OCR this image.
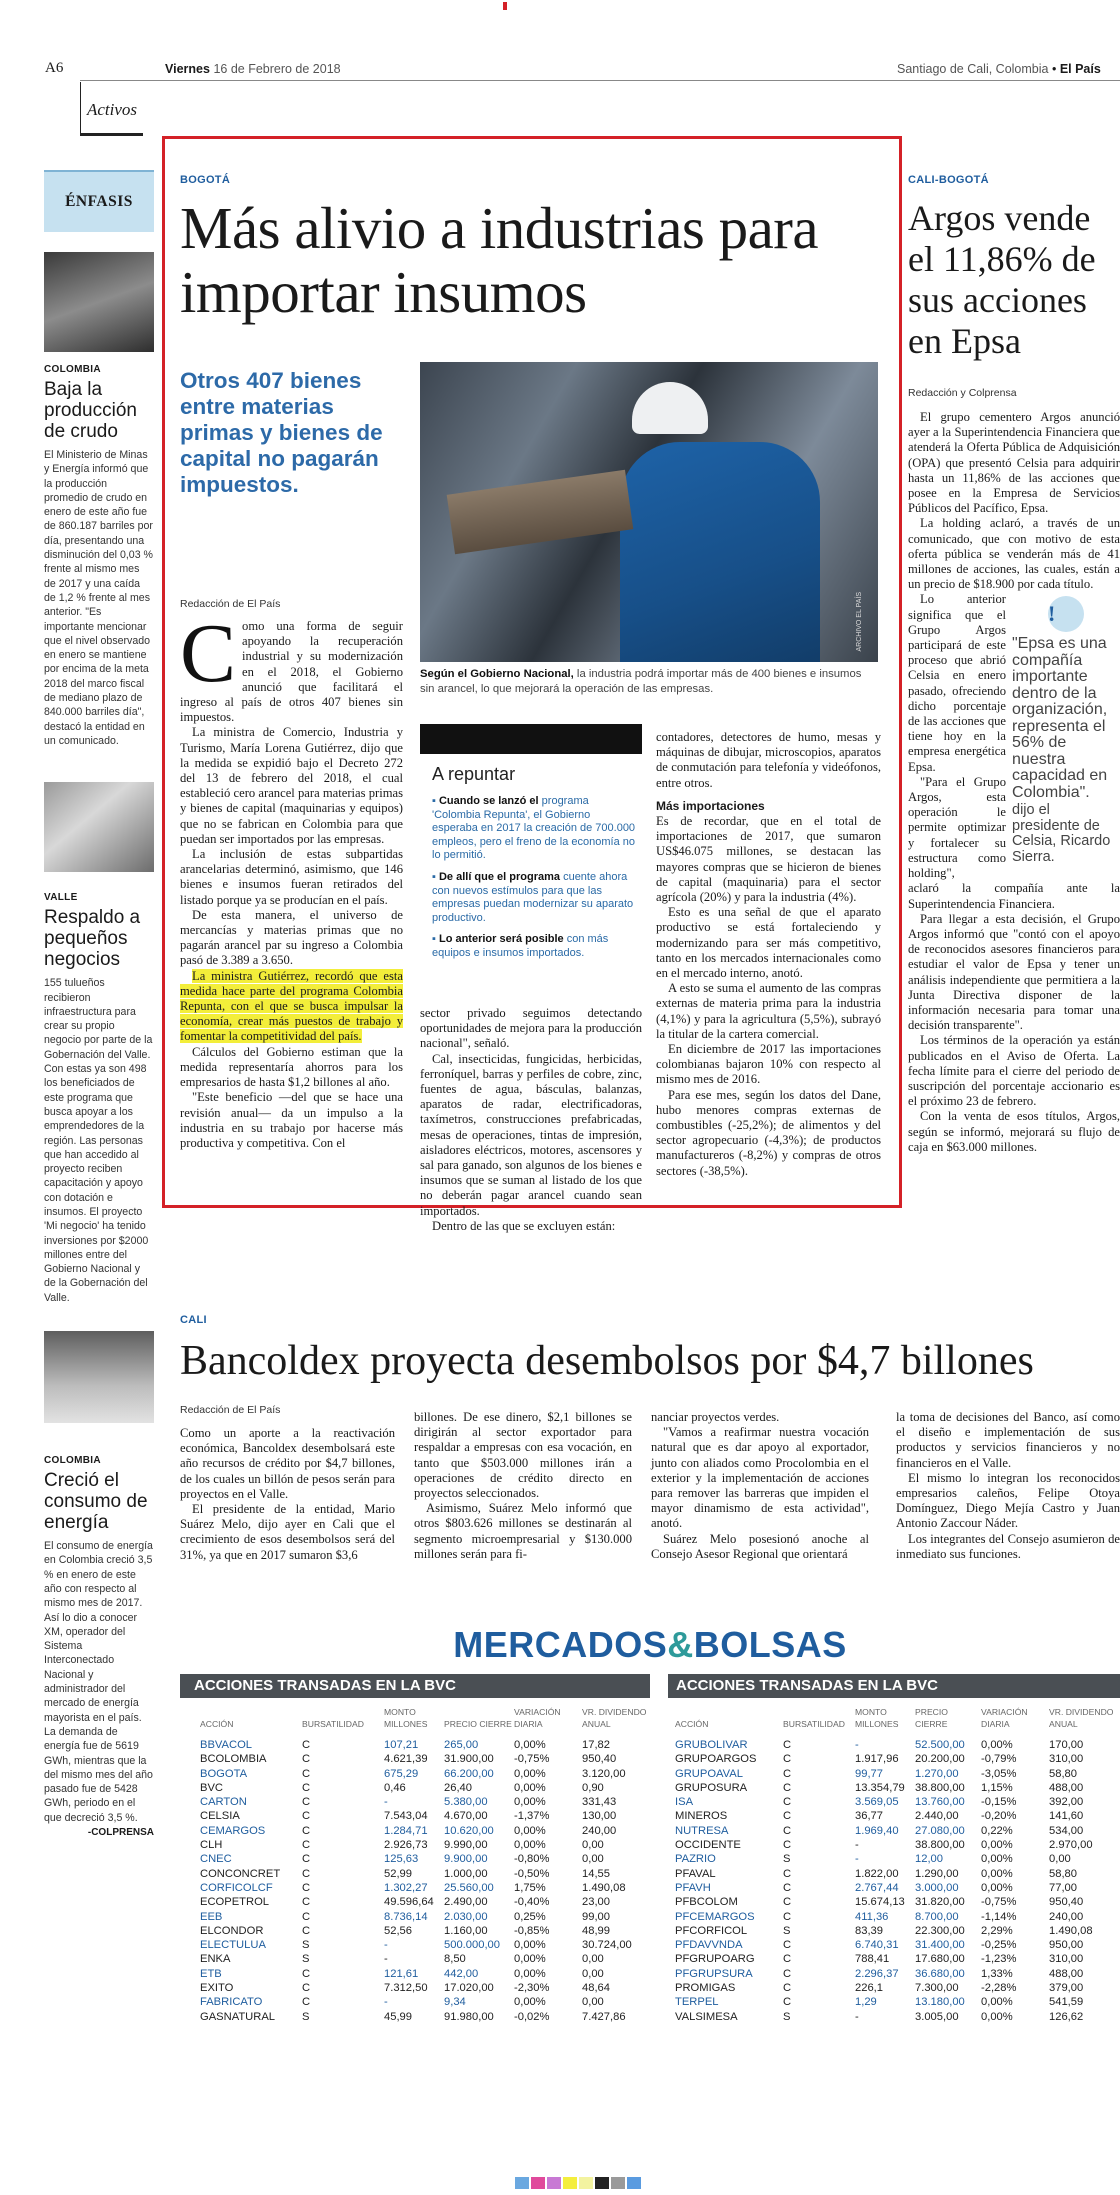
A6	Viernes 16 de Febrero de 2018	Santiago de Cali, Colombia • El País
Activos
ÉNFASIS
COLOMBIA
Baja la producción de crudo
El Ministerio de Minas y Energía informó que la producción promedio de crudo en enero de este año fue de 860.187 barriles por día, presentando una disminución del 0,03 % frente al mismo mes de 2017 y una caída de 1,2 % frente al mes anterior. "Es importante mencionar que el nivel observado en enero se mantiene por encima de la meta 2018 del marco fiscal de mediano plazo de 840.000 barriles día", destacó la entidad en un comunicado.
VALLE
Respaldo a pequeños negocios
155 tulueños recibieron infraestructura para crear su propio negocio por parte de la Gobernación del Valle. Con estas ya son 498 los beneficiados de este programa que busca apoyar a los emprendedores de la región. Las personas que han accedido al proyecto reciben capacitación y apoyo con dotación e insumos. El proyecto 'Mi negocio' ha tenido inversiones por $2000 millones entre del Gobierno Nacional y de la Gobernación del Valle.
COLOMBIA
Creció el consumo de energía
El consumo de energía en Colombia creció 3,5 % en enero de este año con respecto al mismo mes de 2017. Así lo dio a conocer XM, operador del Sistema Interconectado Nacional y administrador del mercado de energía mayorista en el país. La demanda de energía fue de 5619 GWh, mientras que la del mismo mes del año pasado fue de 5428 GWh, periodo en el que decreció 3,5 %.
-COLPRENSA
BOGOTÁ
Más alivio a industrias para importar insumos
Otros 407 bienes entre materias primas y bienes de capital no pagarán impuestos.
Redacción de El País	ARCHIVO EL PAÍS
Según el Gobierno Nacional, la industria podrá importar más de 400 bienes e insumos sin arancel, lo que mejorará la operación de las empresas.
C omo una forma de seguir apoyando la recuperación industrial y su modernización en el 2018, el Gobierno anunció que facilitará el ingreso al país de otros 407 bienes sin impuestos.

La ministra de Comercio, Industria y Turismo, María Lorena Gutiérrez, dijo que la medida se expidió bajo el Decreto 272 del 13 de febrero del 2018, el cual estableció cero arancel para materias primas y bienes de capital (maquinarias y equipos) que no se fabrican en Colombia para que puedan ser importados por las empresas.

La inclusión de estas subpartidas arancelarias determinó, asimismo, que 146 bienes e insumos fueran retirados del listado porque ya se producían en el país.

De esta manera, el universo de mercancías y materias primas que no pagarán arancel par su ingreso a Colombia pasó de 3.389 a 3.650.

La ministra Gutiérrez, recordó que esta medida hace parte del programa Colombia Repunta, con el que se busca impulsar la economía, crear más puestos de trabajo y fomentar la competitividad del país.

Cálculos del Gobierno estiman que la medida representaría ahorros para los empresarios de hasta $1,2 billones al año.

"Este beneficio —del que se hace una revisión anual— da un impulso a la industria en su trabajo por hacerse más productiva y competitiva. Con el

A repuntar
▪ Cuando se lanzó el programa 'Colombia Repunta', el Gobierno esperaba en 2017 la creación de 700.000 empleos, pero el freno de la economía no lo permitió.
▪ De allí que el programa cuente ahora con nuevos estímulos para que las empresas puedan modernizar su aparato productivo.
▪ Lo anterior será posible con más equipos e insumos importados.

sector privado seguimos detectando oportunidades de mejora para la producción nacional", señaló.

Cal, insecticidas, fungicidas, herbicidas, ferroníquel, barras y perfiles de cobre, zinc, fuentes de agua, básculas, balanzas, aparatos de radar, electrificadoras, taxímetros, construcciones prefabricadas, mesas de operaciones, tintas de impresión, aisladores eléctricos, motores, ascensores y sal para ganado, son algunos de los bienes e insumos que se suman al listado de los que no deberán pagar arancel cuando sean importados.

Dentro de las que se excluyen están:

contadores, detectores de humo, mesas y máquinas de dibujar, microscopios, aparatos de conmutación para telefonía y videófonos, entre otros.

Más importaciones

Es de recordar, que en el total de importaciones de 2017, que sumaron US$46.075 millones, se destacan las mayores compras que se hicieron de bienes de capital (maquinaria) para el sector agrícola (20%) y para la industria (4%).

Esto es una señal de que el aparato productivo se está fortaleciendo y modernizando para ser más competitivo, tanto en los mercados internacionales como en el mercado interno, anotó.

A esto se suma el aumento de las compras externas de materia prima para la industria (4,1%) y para la agricultura (5,5%), subrayó la titular de la cartera comercial.

En diciembre de 2017 las importaciones colombianas bajaron 10% con respecto al mismo mes de 2016.

Para ese mes, según los datos del Dane, hubo menores compras externas de combustibles (-25,2%); de alimentos y del sector agropecuario (-4,3%); de productos manufactureros (-8,2%) y compras de otros sectores (-38,5%).

CALI-BOGOTÁ
Argos vende el 11,86% de sus acciones en Epsa
Redacción y Colprensa

El grupo cementero Argos anunció ayer a la Superintendencia Financiera que atenderá la Oferta Pública de Adquisición (OPA) que presentó Celsia para adquirir hasta un 11,86% de las acciones que posee en la Empresa de Servicios Públicos del Pacífico, Epsa.

La holding aclaró, a través de un comunicado, que con motivo de esta oferta pública se venderán más de 41 millones de acciones, las cuales, están a un precio de $18.900 por cada título.

!
"Epsa es una compañía importante dentro de la organización, representa el 56% de nuestra capacidad en Colombia".
dijo el presidente de Celsia, Ricardo Sierra.

Lo anterior significa que el Grupo Argos participará de este proceso que abrió Celsia en enero pasado, ofreciendo dicho porcentaje de las acciones que tiene hoy en la empresa energética Epsa.

"Para el Grupo Argos, esta operación le permite optimizar y fortalecer su estructura como holding",

aclaró la compañía ante la Superintendencia Financiera.

Para llegar a esta decisión, el Grupo Argos informó que "contó con el apoyo de reconocidos asesores financieros para estudiar el valor de Epsa y tener un análisis independiente que permitiera a la Junta Directiva disponer de la información necesaria para tomar una decisión transparente".

Los términos de la operación ya están publicados en el Aviso de Oferta. La fecha límite para el cierre del periodo de suscripción del porcentaje accionario es el próximo 23 de febrero.

Con la venta de esos títulos, Argos, según se informó, mejorará su flujo de caja en $63.000 millones.

CALI
Bancoldex proyecta desembolsos por $4,7 billones
Redacción de El País

Como un aporte a la reactivación económica, Bancoldex desembolsará este año recursos de crédito por $4,7 billones, de los cuales un billón de pesos serán para proyectos en el Valle.

El presidente de la entidad, Mario Suárez Melo, dijo ayer en Cali que el crecimiento de esos desembolsos será del 31%, ya que en 2017 sumaron $3,6

billones. De ese dinero, $2,1 billones se dirigirán al sector exportador para respaldar a empresas con esa vocación, en tanto que $503.000 millones irán a operaciones de crédito directo en proyectos seleccionados.

Asimismo, Suárez Melo informó que otros $803.626 millones se destinarán al segmento microempresarial y $130.000 millones serán para fi-

nanciar proyectos verdes.

"Vamos a reafirmar nuestra vocación natural que es dar apoyo al exportador, junto con aliados como Procolombia en el exterior y la implementación de acciones para remover las barreras que impiden el mayor dinamismo de esta actividad", anotó.

Suárez Melo posesionó anoche al Consejo Asesor Regional que orientará

la toma de decisiones del Banco, así como el diseño e implementación de sus productos y servicios financieros y no financieros en el Valle.

El mismo lo integran los reconocidos empresarios caleños, Felipe Otoya Domínguez, Diego Mejía Castro y Juan Antonio Zaccour Náder.

Los integrantes del Consejo asumieron de inmediato sus funciones.

MERCADOS&BOLSAS
ACCIONES TRANSADAS EN LA BVC	ACCIONES TRANSADAS EN LA BVC
ACCIÓN	BURSATILIDAD	MONTO MILLONES	PRECIO CIERRE	VARIACIÓN DIARIA	VR. DIVIDENDO ANUAL
BBVACOL	C	107,21	265,00	0,00%	17,82
BCOLOMBIA	C	4.621,39	31.900,00	-0,75%	950,40
BOGOTA	C	675,29	66.200,00	0,00%	3.120,00
BVC	C	0,46	26,40	0,00%	0,90
CARTON	C	-	5.380,00	0,00%	331,43
CELSIA	C	7.543,04	4.670,00	-1,37%	130,00
CEMARGOS	C	1.284,71	10.620,00	0,00%	240,00
CLH	C	2.926,73	9.990,00	0,00%	0,00
CNEC	C	125,63	9.900,00	-0,80%	0,00
CONCONCRET	C	52,99	1.000,00	-0,50%	14,55
CORFICOLCF	C	1.302,27	25.560,00	1,75%	1.490,08
ECOPETROL	C	49.596,64	2.490,00	-0,40%	23,00
EEB	C	8.736,14	2.030,00	0,25%	99,00
ELCONDOR	C	52,56	1.160,00	-0,85%	48,99
ELECTULUA	S	-	500.000,00	0,00%	30.724,00
ENKA	S	-	8,50	0,00%	0,00
ETB	C	121,61	442,00	0,00%	0,00
EXITO	C	7.312,50	17.020,00	-2,30%	48,64
FABRICATO	C	-	9,34	0,00%	0,00
GASNATURAL	S	45,99	91.980,00	-0,02%	7.427,86
ACCIÓN	BURSATILIDAD	MONTO MILLONES	PRECIO CIERRE	VARIACIÓN DIARIA	VR. DIVIDENDO ANUAL
GRUBOLIVAR	C	-	52.500,00	0,00%	170,00
GRUPOARGOS	C	1.917,96	20.200,00	-0,79%	310,00
GRUPOAVAL	C	99,77	1.270,00	-3,05%	58,80
GRUPOSURA	C	13.354,79	38.800,00	1,15%	488,00
ISA	C	3.569,05	13.760,00	-0,15%	392,00
MINEROS	C	36,77	2.440,00	-0,20%	141,60
NUTRESA	C	1.969,40	27.080,00	0,22%	534,00
OCCIDENTE	C	-	38.800,00	0,00%	2.970,00
PAZRIO	S	-	12,00	0,00%	0,00
PFAVAL	C	1.822,00	1.290,00	0,00%	58,80
PFAVH	C	2.767,44	3.000,00	0,00%	77,00
PFBCOLOM	C	15.674,13	31.820,00	-0,75%	950,40
PFCEMARGOS	C	411,36	8.700,00	-1,14%	240,00
PFCORFICOL	S	83,39	22.300,00	2,29%	1.490,08
PFDAVVNDA	C	6.740,31	31.400,00	-0,25%	950,00
PFGRUPOARG	C	788,41	17.680,00	-1,23%	310,00
PFGRUPSURA	C	2.296,37	36.680,00	1,33%	488,00
PROMIGAS	C	226,1	7.300,00	-2,28%	379,00
TERPEL	C	1,29	13.180,00	0,00%	541,59
VALSIMESA	S	-	3.005,00	0,00%	126,62
